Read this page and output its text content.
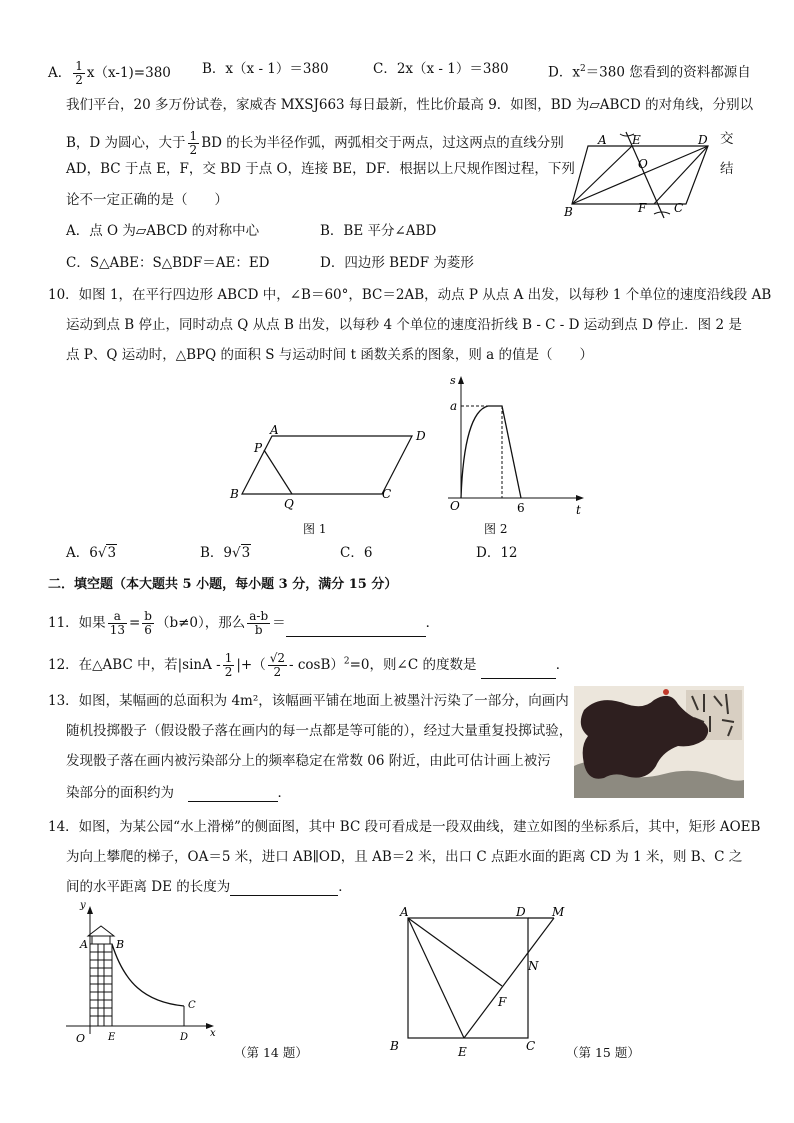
A． $\frac{1}{2} x(x-1)=380$ B．x（x - 1）＝380	C．2x（x - 1）＝380	D．$x^2=380$ 您看到的资料都源自
我们平台，20 多万份试卷，家威杏 MXSJ663 每日最新，性比价最高 9．如图，BD 为▱ABCD 的对角线，分别以
B，D 为圆心，大于 $\frac{1}{2}$ BD 的长为半径作弧，两弧相交于两点，过这两点的直线分别	交
AD，BC 于点 E，F，交 BD 于点 O，连接 BE，DF．根据以上尺规作图过程，下列	结
论不一定正确的是（　　）
A．点 O 为▱ABCD 的对称中心	B．BE 平分∠ABD
C．S△ABE：S△BDF＝AE：ED	D．四边形 BEDF 为菱形
A E	D
O
B	F C
10．如图 1，在平行四边形 ABCD 中，∠B＝60°，BC＝2AB，动点 P 从点 A 出发，以每秒 1 个单位的速度沿线段 AB
运动到点 B 停止，同时动点 Q 从点 B 出发，以每秒 4 个单位的速度沿折线 B - C - D 运动到点 D 停止．图 2 是
点 P、Q 运动时，△BPQ 的面积 S 与运动时间 t 函数关系的图象，则 a 的值是（　　）
A	D
P
B
Q
C
图 1
s
a
O	6	t
图 2
A．6√3	B．9√3	C．6	D．12
二．填空题（本大题共 5 小题，每小题 3 分，满分 15 分）
11．如果 $\frac{a}{13} = \frac{b}{6} (b\ne 0)$，那么 $\frac{a-b}{b}$ ＝	．
12．在△ABC 中，若$|\sin A - \frac{1}{2}$ |+（ $\frac{√2}{2} - \cos B)^2=0$，则∠C 的度数是	．
13．如图，某幅画的总面积为 4m²，该幅画平铺在地面上被墨汁污染了一部分，向画内
随机投掷骰子（假设骰子落在画内的每一点都是等可能的），经过大量重复投掷试验，
发现骰子落在画内被污染部分上的频率稳定在常数 06 附近，由此可估计画上被污
染部分的面积约为　	．
14．如图，为某公园“水上滑梯”的侧面图，其中 BC 段可看成是一段双曲线，建立如图的坐标系后，其中，矩形 AOEB
为向上攀爬的梯子，OA＝5 米，进口 AB∥OD，且 AB＝2 米，出口 C 点距水面的距离 CD 为 1 米，则 B、C 之
间的水平距离 DE 的长度为	．
y
A	B
C
O E	D x
（第 14 题）
A	D M
N
F
B	E	C （第 15 题）
